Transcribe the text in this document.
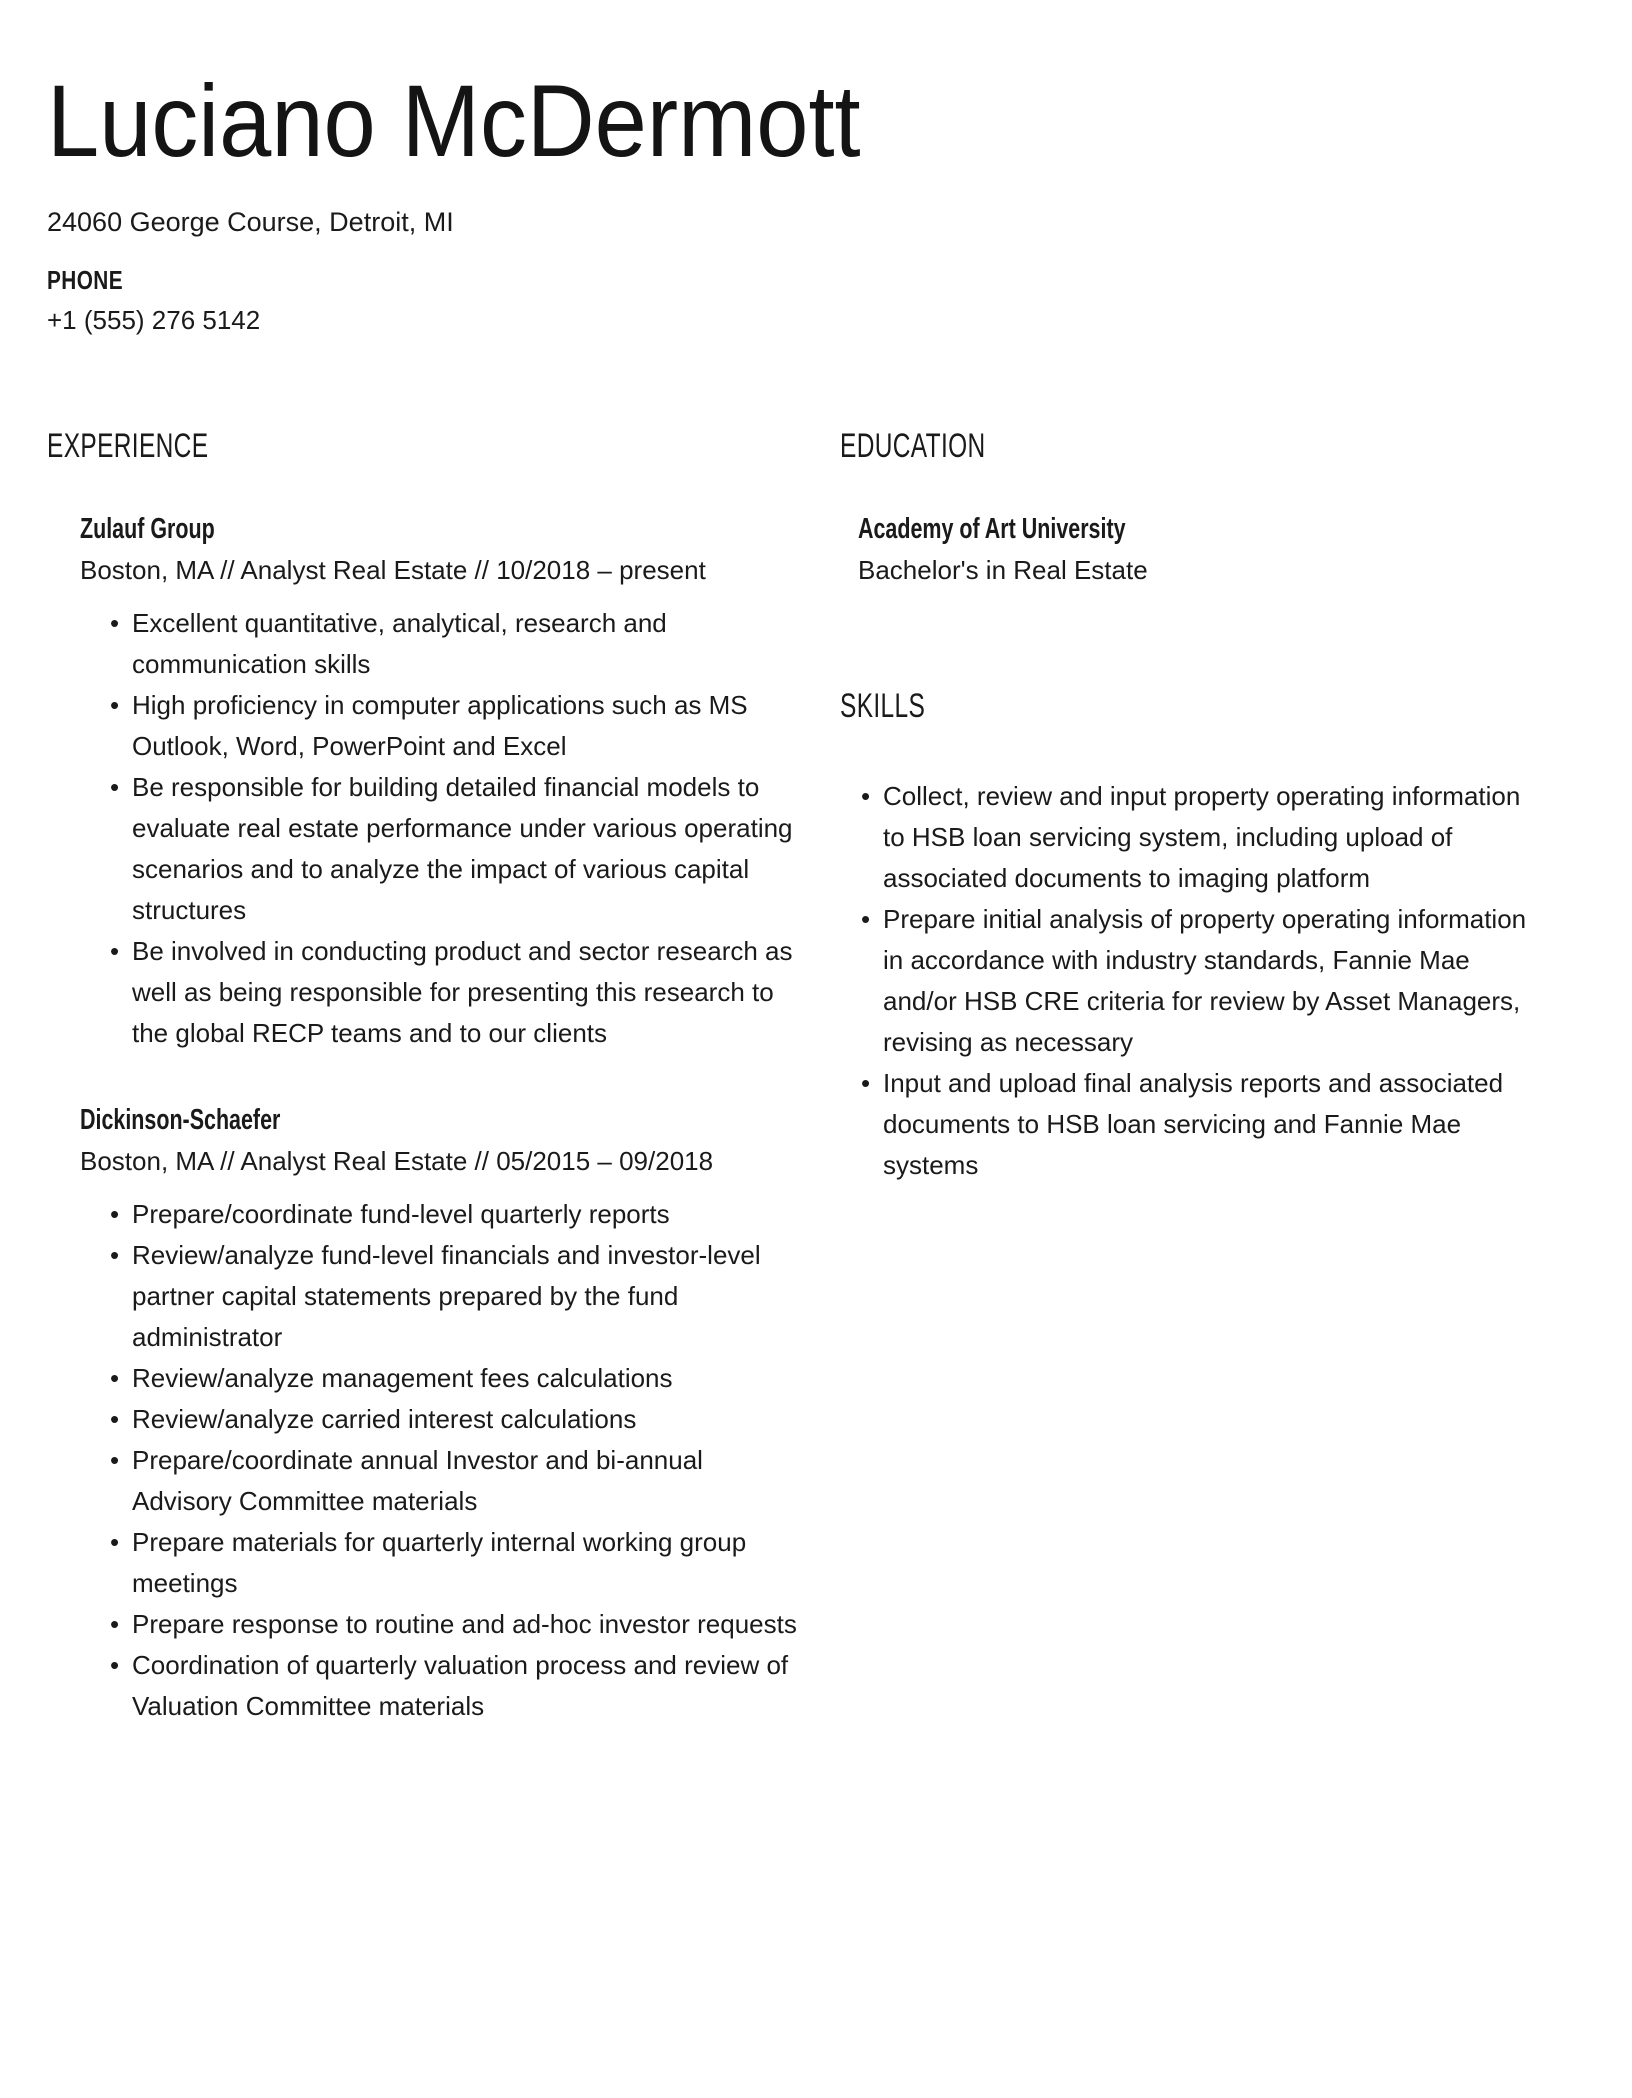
Luciano McDermott
24060 George Course, Detroit, MI
PHONE
+1 (555) 276 5142
EXPERIENCE
Zulauf Group
Boston, MA // Analyst Real Estate // 10/2018 – present
• Excellent quantitative, analytical, research and communication skills
• High proficiency in computer applications such as MS Outlook, Word, PowerPoint and Excel
• Be responsible for building detailed financial models to evaluate real estate performance under various operating scenarios and to analyze the impact of various capital structures
• Be involved in conducting product and sector research as well as being responsible for presenting this research to the global RECP teams and to our clients
Dickinson-Schaefer
Boston, MA // Analyst Real Estate // 05/2015 – 09/2018
• Prepare/coordinate fund-level quarterly reports
• Review/analyze fund-level financials and investor-level partner capital statements prepared by the fund administrator
• Review/analyze management fees calculations
• Review/analyze carried interest calculations
• Prepare/coordinate annual Investor and bi-annual Advisory Committee materials
• Prepare materials for quarterly internal working group meetings
• Prepare response to routine and ad-hoc investor requests
• Coordination of quarterly valuation process and review of Valuation Committee materials
EDUCATION
Academy of Art University
Bachelor's in Real Estate
SKILLS
• Collect, review and input property operating information to HSB loan servicing system, including upload of associated documents to imaging platform
• Prepare initial analysis of property operating information in accordance with industry standards, Fannie Mae and/or HSB CRE criteria for review by Asset Managers, revising as necessary
• Input and upload final analysis reports and associated documents to HSB loan servicing and Fannie Mae systems
